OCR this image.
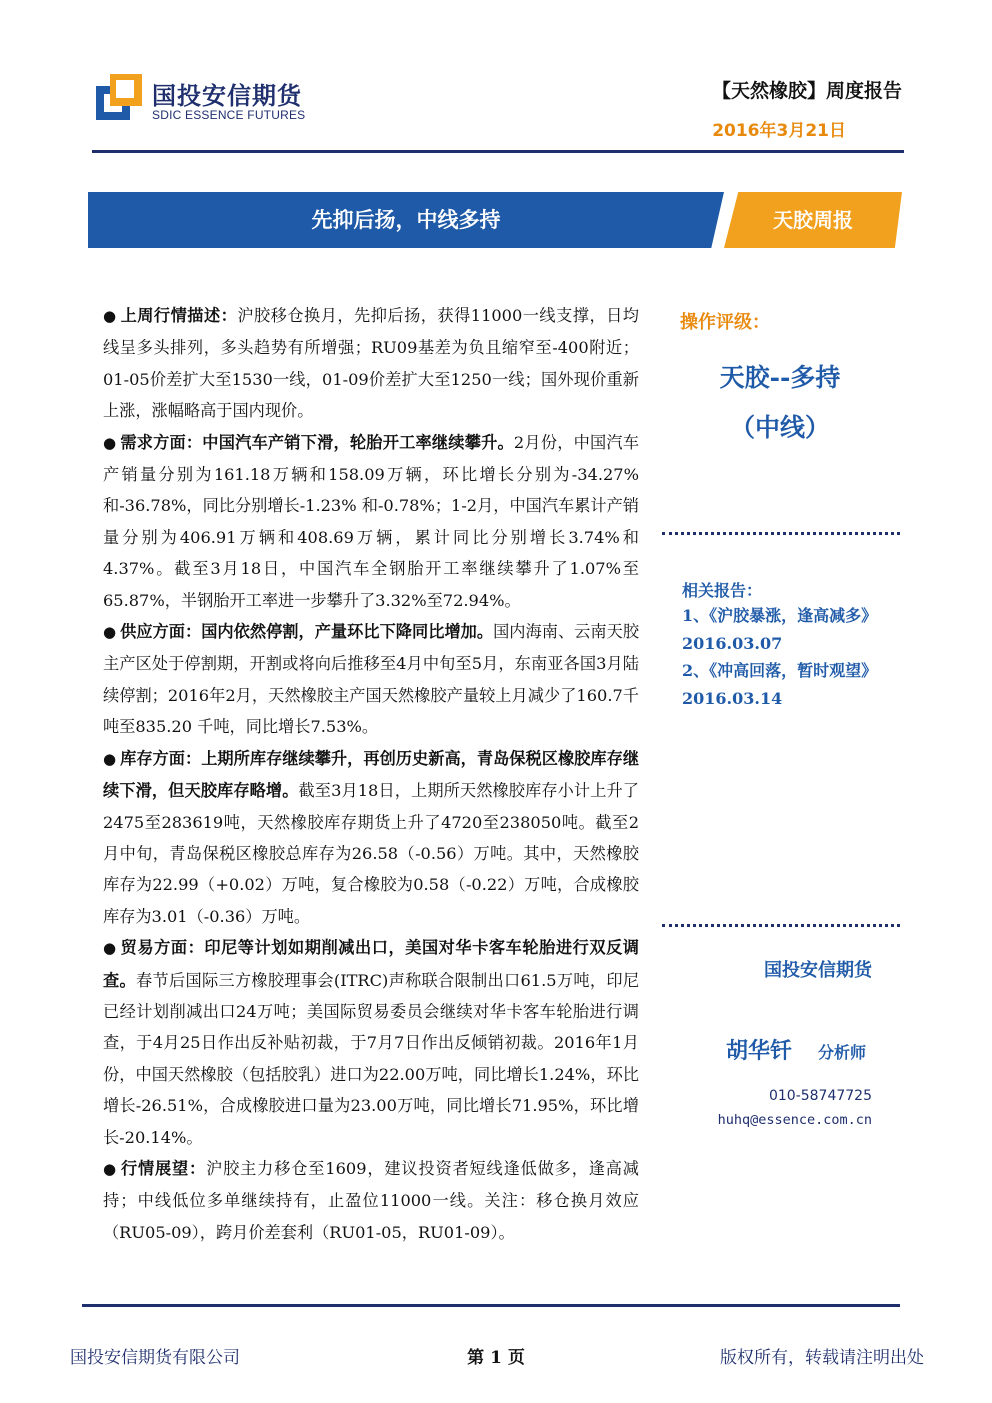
国投安信期货
SDIC ESSENCE FUTURES
【天然橡胶】周度报告
2016年3月21日
先抑后扬，中线多持	天胶周报

● 上周行情描述：沪胶移仓换月，先抑后扬，获得11000一线支撑，日均线呈多头排列，多头趋势有所增强；RU09基差为负且缩窄至-400附近；01-05价差扩大至1530一线，01-09价差扩大至1250一线；国外现价重新上涨，涨幅略高于国内现价。

● 需求方面：中国汽车产销下滑，轮胎开工率继续攀升。2月份，中国汽车产销量分别为161.18万辆和158.09万辆，环比增长分别为-34.27%和-36.78%，同比分别增长-1.23% 和-0.78%；1-2月，中国汽车累计产销量分别为406.91万辆和408.69万辆，累计同比分别增长3.74%和4.37%。截至3月18日，中国汽车全钢胎开工率继续攀升了1.07%至65.87%，半钢胎开工率进一步攀升了3.32%至72.94%。

● 供应方面：国内依然停割，产量环比下降同比增加。国内海南、云南天胶主产区处于停割期，开割或将向后推移至4月中旬至5月，东南亚各国3月陆续停割；2016年2月，天然橡胶主产国天然橡胶产量较上月减少了160.7千吨至835.20 千吨，同比增长7.53%。

● 库存方面：上期所库存继续攀升，再创历史新高，青岛保税区橡胶库存继续下滑，但天胶库存略增。截至3月18日，上期所天然橡胶库存小计上升了2475至283619吨，天然橡胶库存期货上升了4720至238050吨。截至2月中旬，青岛保税区橡胶总库存为26.58（-0.56）万吨。其中，天然橡胶库存为22.99（+0.02）万吨，复合橡胶为0.58（-0.22）万吨，合成橡胶库存为3.01（-0.36）万吨。

● 贸易方面：印尼等计划如期削减出口，美国对华卡客车轮胎进行双反调查。春节后国际三方橡胶理事会(ITRC)声称联合限制出口61.5万吨，印尼已经计划削减出口24万吨；美国际贸易委员会继续对华卡客车轮胎进行调查，于4月25日作出反补贴初裁，于7月7日作出反倾销初裁。2016年1月份，中国天然橡胶（包括胶乳）进口为22.00万吨，同比增长1.24%，环比增长-26.51%，合成橡胶进口量为23.00万吨，同比增长71.95%，环比增长-20.14%。

● 行情展望：沪胶主力移仓至1609，建议投资者短线逢低做多，逢高减持；中线低位多单继续持有，止盈位11000一线。关注：移仓换月效应（RU05-09），跨月价差套利（RU01-05，RU01-09）。

操作评级：
天胶--多持
（中线）
相关报告：

1、《沪胶暴涨，逢高减多》2016.03.07

2、《冲高回落，暂时观望》2016.03.14

国投安信期货
胡华钎 分析师
010-58747725
huhq@essence.com.cn
国投安信期货有限公司	第 1 页	版权所有，转载请注明出处
